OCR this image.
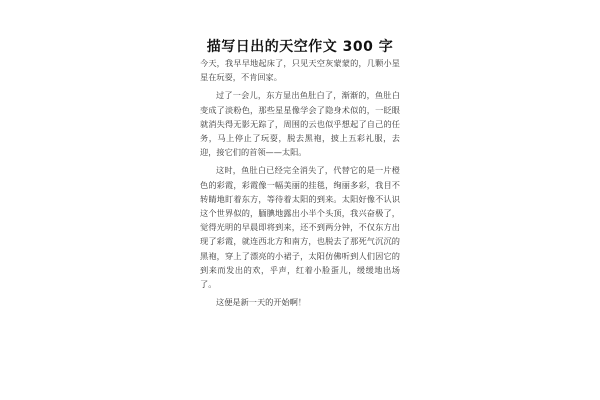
描写日出的天空作文 300 字

今天，我早早地起床了，只见天空灰蒙蒙的，几颗小星星在玩耍，不肯回家。

过了一会儿，东方显出鱼肚白了，渐渐的，鱼肚白变成了淡粉色，那些星星像学会了隐身术似的，一眨眼就消失得无影无踪了，周围的云也似乎想起了自己的任务，马上停止了玩耍，脱去黑袍，披上五彩礼服，去迎，接它们的首领——太阳。

这时，鱼肚白已经完全消失了，代替它的是一片橙色的彩霞，彩霞像一幅美丽的挂毯，绚丽多彩，我目不转睛地盯着东方，等待着太阳的到来。太阳好像不认识这个世界似的，腼腆地露出小半个头顶，我兴奋极了，觉得光明的早晨即将到来，还不到两分钟，不仅东方出现了彩霞，就连西北方和南方，也脱去了那死气沉沉的黑袍，穿上了漂亮的小裙子，太阳仿佛听到人们因它的到来而发出的欢，乎声，红着小脸蛋儿，缓缓地出场了。

这便是新一天的开始啊！
